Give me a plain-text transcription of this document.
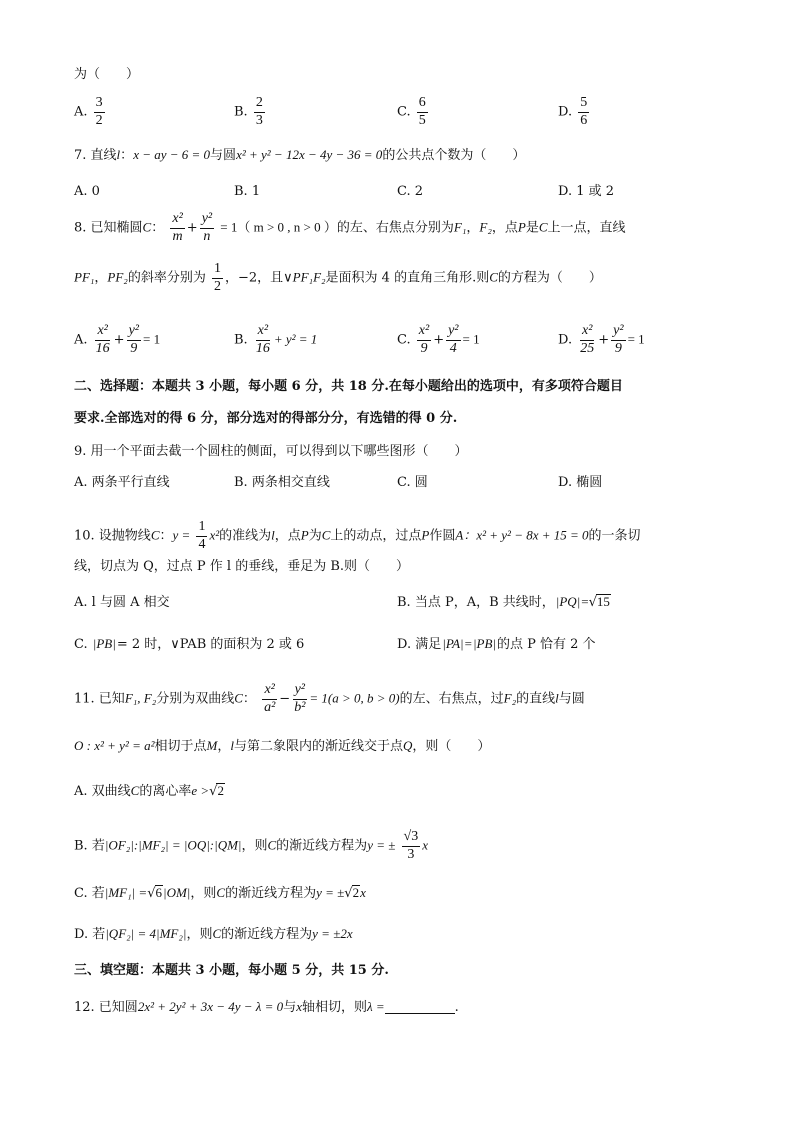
为（　　）
A. $\frac{3}{2}$	B. $\frac{2}{3}$	C. $\frac{6}{5}$	D. $\frac{5}{6}$
7. 直线l：x − ay − 6 = 0与圆x² + y² − 12x − 4y − 36 = 0的公共点个数为（　　）
A. 0	B. 1	C. 2	D. 1 或 2
8. 已知椭圆C： $\frac{\text{x²}}{m} + \frac{\text{y²}}{n} = 1$（ m > 0 , n > 0 ）的左、右焦点分别为F₁，F₂，点P是C上一点，直线
PF₁，PF₂的斜率分别为 $\frac{1}{2}$ ，−2，且∨PF₁F₂是面积为 4 的直角三角形.则C的方程为（　　）
A. $\frac{\text{x²}}{16} + \frac{\text{y²}}{9} = 1$	B. $\frac{\text{x²}}{16} + y^2 = 1$	C. $\frac{\text{x²}}{9} + \frac{\text{y²}}{4} = 1$	D. $\frac{\text{x²}}{25} + \frac{\text{y²}}{9} = 1$
二、选择题：本题共 3 小题，每小题 6 分，共 18 分.在每小题给出的选项中，有多项符合题目
要求.全部选对的得 6 分，部分选对的得部分分，有选错的得 0 分.
9. 用一个平面去截一个圆柱的侧面，可以得到以下哪些图形（　　）
A. 两条平行直线	B. 两条相交直线	C. 圆	D. 椭圆
10. 设抛物线C：$y = \frac{1}{4} x^2$的准线为l，点P为C上的动点，过点P作圆A：x² + y² − 8x + 15 = 0的一条切
线，切点为 Q，过点 P 作 l 的垂线，垂足为 B.则（　　）
A. l 与圆 A 相交	B. 当点 P，A，B 共线时，|PQ|=√15
C. |PB|= 2 时，∨PAB 的面积为 2 或 6	D. 满足|PA|=|PB|的点 P 恰有 2 个
11. 已知F₁, F₂分别为双曲线C： $\frac{\text{x²}}{\text{a²}} - \frac{\text{y²}}{\text{b²}} = 1(a > 0$, b > 0)的左、右焦点，过F₂的直线l与圆
O : x² + y² = a²相切于点M，l与第二象限内的渐近线交于点Q，则（　　）
A. 双曲线C的离心率e >√2
B. 若|OF₂|:|MF₂| = |OQ|:|QM|，则C的渐近线方程为y = ± $\frac{√3}{3}$ x
C. 若|MF₁| =√6|OM|，则C的渐近线方程为y = ±√2x
D. 若|QF₂| = 4|MF₂|，则C的渐近线方程为y = ±2x
三、填空题：本题共 3 小题，每小题 5 分，共 15 分.
12. 已知圆2x² + 2y² + 3x − 4y − λ = 0与x轴相切，则λ =	.
